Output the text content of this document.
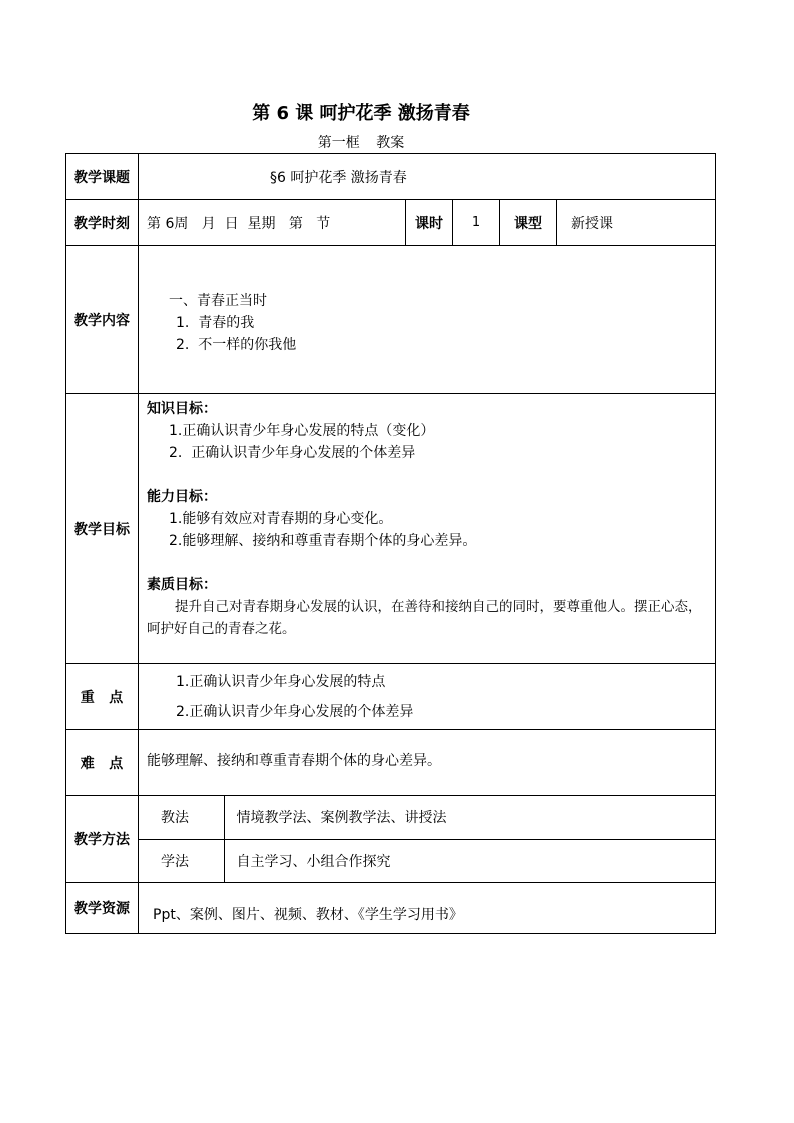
第 6 课 呵护花季 激扬青春
第一框 教案
教学课题	§6 呵护花季 激扬青春
教学时刻	第 6周   月  日  星期   第   节	课时	1	课型	新授课
教学内容	
一、青春正当时
1.  青春的我
2.  不一样的你我他

教学目标	
知识目标：
1.正确认识青少年身心发展的特点（变化）
2.  正确认识青少年身心发展的个体差异
能力目标：
1.能够有效应对青春期的身心变化。
2.能够理解、接纳和尊重青春期个体的身心差异。
素质目标：
提升自己对青春期身心发展的认识，在善待和接纳自己的同时，要尊重他人。摆正心态，呵护好自己的青春之花。

重   点	
1.正确认识青少年身心发展的特点
2.正确认识青少年身心发展的个体差异

难   点	能够理解、接纳和尊重青春期个体的身心差异。
教学方法	
教法	情境教学法、案例教学法、讲授法
学法	自主学习、小组合作探究

教学资源	Ppt、案例、图片、视频、教材、《学生学习用书》
